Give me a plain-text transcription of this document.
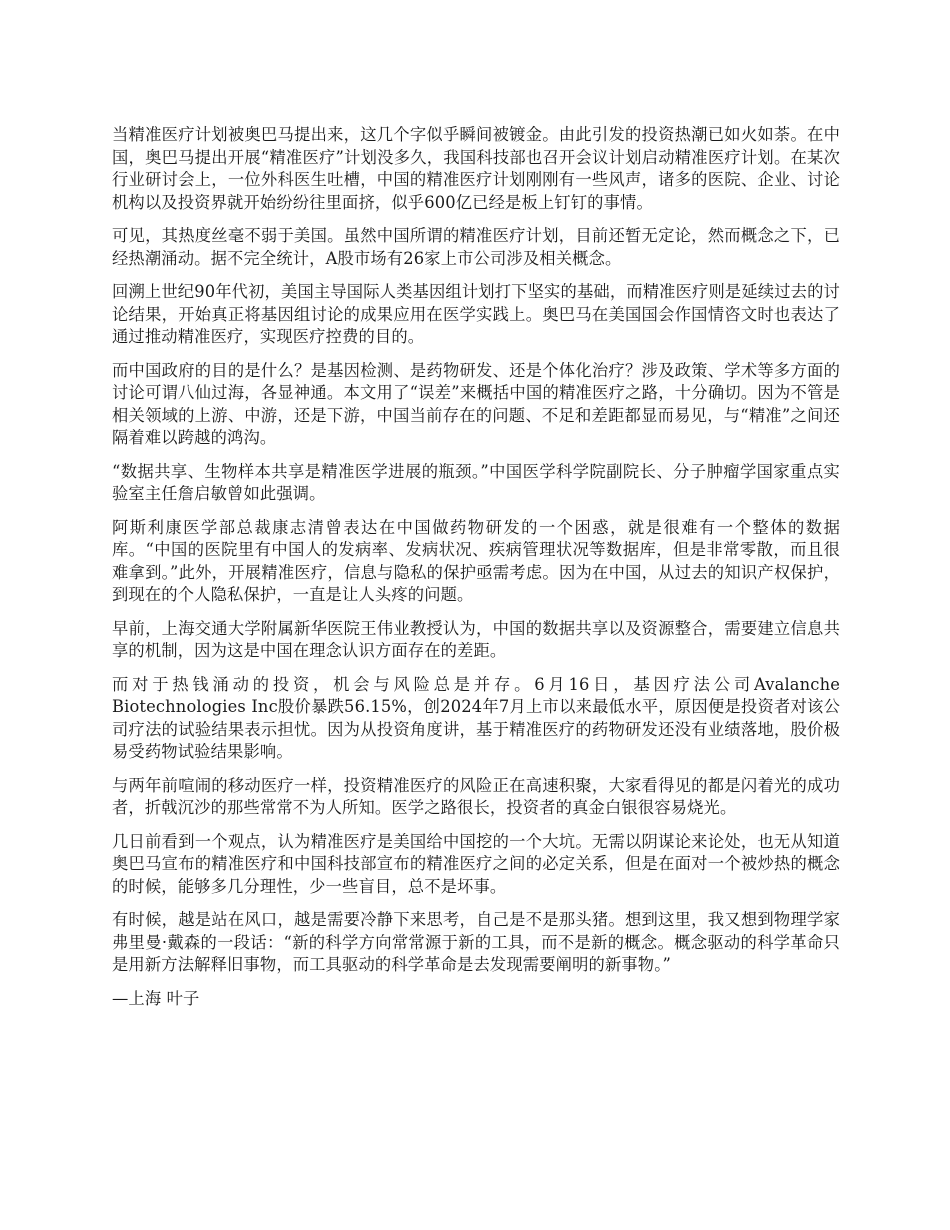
当精准医疗计划被奥巴马提出来，这几个字似乎瞬间被镀金。由此引发的投资热潮已如火如荼。在中国，奥巴马提出开展“精准医疗”计划没多久，我国科技部也召开会议计划启动精准医疗计划。在某次行业研讨会上，一位外科医生吐槽，中国的精准医疗计划刚刚有一些风声，诸多的医院、企业、讨论机构以及投资界就开始纷纷往里面挤，似乎600亿已经是板上钉钉的事情。

可见，其热度丝毫不弱于美国。虽然中国所谓的精准医疗计划，目前还暂无定论，然而概念之下，已经热潮涌动。据不完全统计，A股市场有26家上市公司涉及相关概念。

回溯上世纪90年代初，美国主导国际人类基因组计划打下坚实的基础，而精准医疗则是延续过去的讨论结果，开始真正将基因组讨论的成果应用在医学实践上。奥巴马在美国国会作国情咨文时也表达了通过推动精准医疗，实现医疗控费的目的。

而中国政府的目的是什么？是基因检测、是药物研发、还是个体化治疗？涉及政策、学术等多方面的讨论可谓八仙过海，各显神通。本文用了“误差”来概括中国的精准医疗之路，十分确切。因为不管是相关领域的上游、中游，还是下游，中国当前存在的问题、不足和差距都显而易见，与“精准”之间还隔着难以跨越的鸿沟。

“数据共享、生物样本共享是精准医学进展的瓶颈。”中国医学科学院副院长、分子肿瘤学国家重点实验室主任詹启敏曾如此强调。

阿斯利康医学部总裁康志清曾表达在中国做药物研发的一个困惑，就是很难有一个整体的数据库。“中国的医院里有中国人的发病率、发病状况、疾病管理状况等数据库，但是非常零散，而且很难拿到。”此外，开展精准医疗，信息与隐私的保护亟需考虑。因为在中国，从过去的知识产权保护，到现在的个人隐私保护，一直是让人头疼的问题。

早前，上海交通大学附属新华医院王伟业教授认为，中国的数据共享以及资源整合，需要建立信息共享的机制，因为这是中国在理念认识方面存在的差距。

而对于热钱涌动的投资，机会与风险总是并存。6月16日，基因疗法公司Avalanche Biotechnologies Inc股价暴跌56.15%，创2024年7月上市以来最低水平，原因便是投资者对该公司疗法的试验结果表示担忧。因为从投资角度讲，基于精准医疗的药物研发还没有业绩落地，股价极易受药物试验结果影响。

与两年前喧闹的移动医疗一样，投资精准医疗的风险正在高速积聚，大家看得见的都是闪着光的成功者，折戟沉沙的那些常常不为人所知。医学之路很长，投资者的真金白银很容易烧光。

几日前看到一个观点，认为精准医疗是美国给中国挖的一个大坑。无需以阴谋论来论处，也无从知道奥巴马宣布的精准医疗和中国科技部宣布的精准医疗之间的必定关系，但是在面对一个被炒热的概念的时候，能够多几分理性，少一些盲目，总不是坏事。

有时候，越是站在风口，越是需要冷静下来思考，自己是不是那头猪。想到这里，我又想到物理学家弗里曼·戴森的一段话：“新的科学方向常常源于新的工具，而不是新的概念。概念驱动的科学革命只是用新方法解释旧事物，而工具驱动的科学革命是去发现需要阐明的新事物。”

—上海 叶子
